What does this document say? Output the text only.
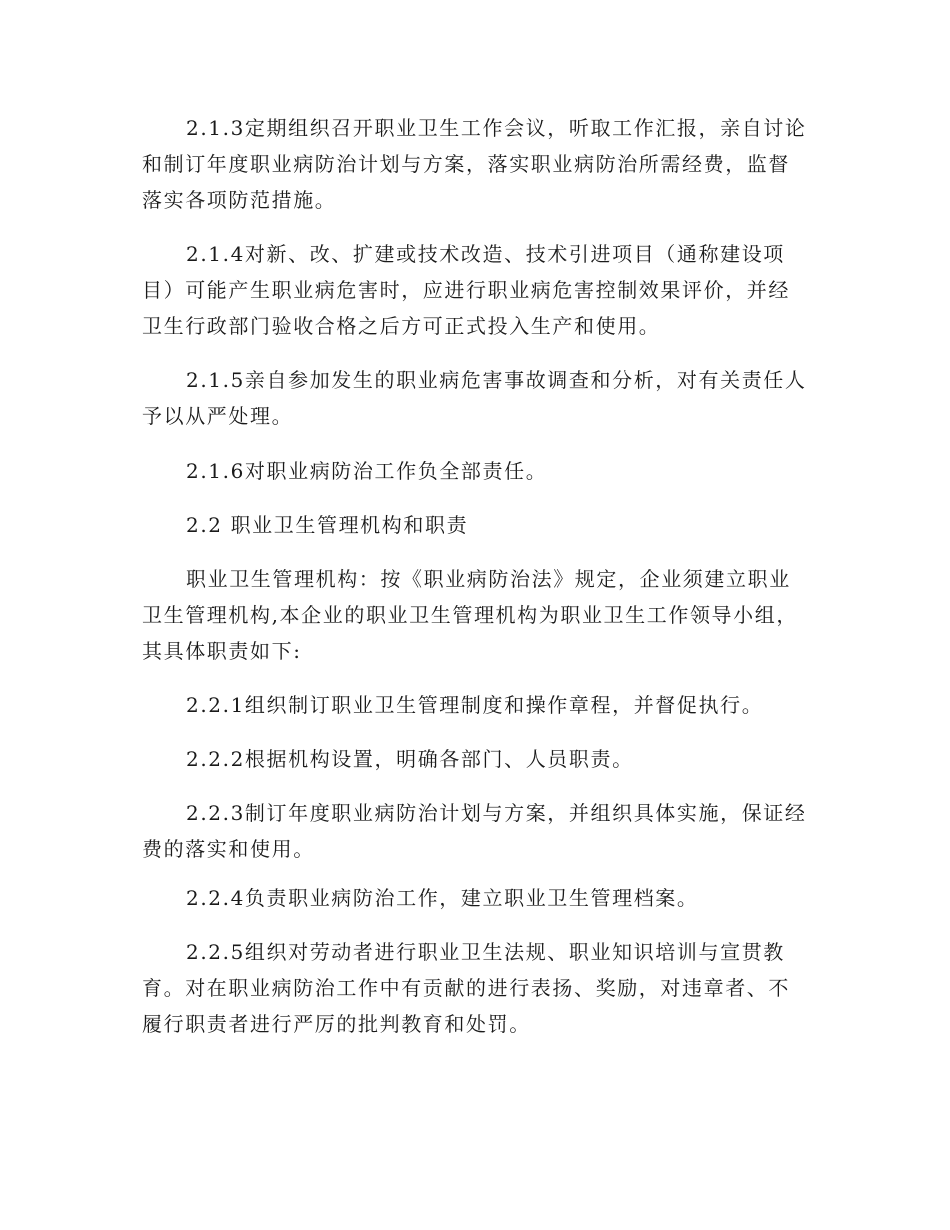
2.1.3定期组织召开职业卫生工作会议，听取工作汇报，亲自讨论
和制订年度职业病防治计划与方案，落实职业病防治所需经费，监督
落实各项防范措施。

2.1.4对新、改、扩建或技术改造、技术引进项目（通称建设项
目）可能产生职业病危害时，应进行职业病危害控制效果评价，并经
卫生行政部门验收合格之后方可正式投入生产和使用。

2.1.5亲自参加发生的职业病危害事故调查和分析，对有关责任人
予以从严处理。

2.1.6对职业病防治工作负全部责任。

2.2 职业卫生管理机构和职责

职业卫生管理机构：按《职业病防治法》规定，企业须建立职业
卫生管理机构,本企业的职业卫生管理机构为职业卫生工作领导小组，
其具体职责如下:

2.2.1组织制订职业卫生管理制度和操作章程，并督促执行。

2.2.2根据机构设置，明确各部门、人员职责。

2.2.3制订年度职业病防治计划与方案，并组织具体实施，保证经
费的落实和使用。

2.2.4负责职业病防治工作，建立职业卫生管理档案。

2.2.5组织对劳动者进行职业卫生法规、职业知识培训与宣贯教
育。对在职业病防治工作中有贡献的进行表扬、奖励，对违章者、不
履行职责者进行严厉的批判教育和处罚。
